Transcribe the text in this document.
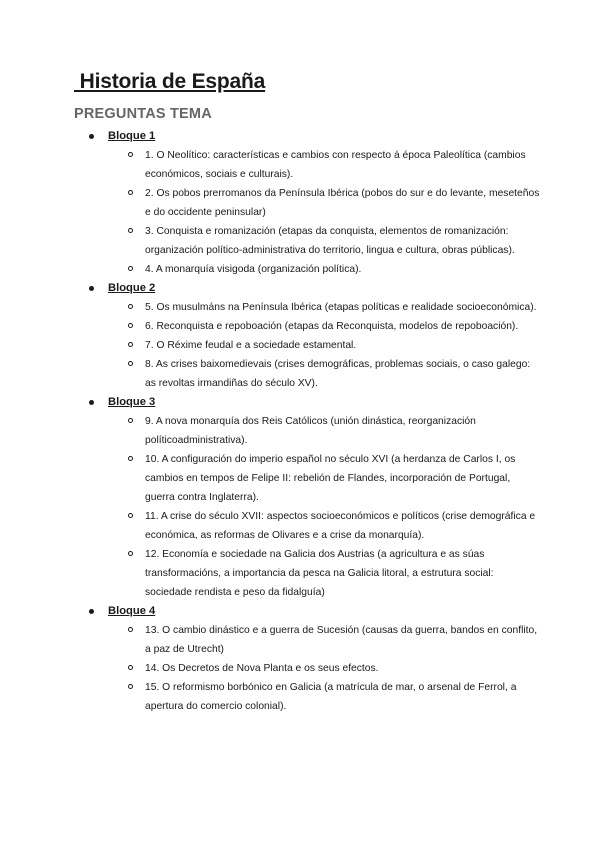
Historia de España
PREGUNTAS TEMA
Bloque 1
1. O Neolítico: características e cambios con respecto á época Paleolítica (cambios económicos, sociais e culturais).
2. Os pobos prerromanos da Península Ibérica (pobos do sur e do levante, meseteños e do occidente peninsular)
3. Conquista e romanización (etapas da conquista, elementos de romanización: organización político-administrativa do territorio, lingua e cultura, obras públicas).
4. A monarquía visigoda (organización política).
Bloque 2
5. Os musulmáns na Península Ibérica (etapas políticas e realidade socioeconómica).
6. Reconquista e repoboación (etapas da Reconquista, modelos de repoboación).
7. O Réxime feudal e a sociedade estamental.
8. As crises baixomedievais (crises demográficas, problemas sociais, o caso galego: as revoltas irmandiñas do século XV).
Bloque 3
9. A nova monarquía dos Reis Católicos (unión dinástica, reorganización políticoadministrativa).
10. A configuración do imperio español no século XVI (a herdanza de Carlos I, os cambios en tempos de Felipe II: rebelión de Flandes, incorporación de Portugal, guerra contra Inglaterra).
11. A crise do século XVII: aspectos socioeconómicos e políticos (crise demográfica e económica, as reformas de Olivares e a crise da monarquía).
12. Economía e sociedade na Galicia dos Austrias (a agricultura e as súas transformacións, a importancia da pesca na Galicia litoral, a estrutura social: sociedade rendista e peso da fidalguía)
Bloque 4
13. O cambio dinástico e a guerra de Sucesión (causas da guerra, bandos en conflito, a paz de Utrecht)
14. Os Decretos de Nova Planta e os seus efectos.
15. O reformismo borbónico en Galicia (a matrícula de mar, o arsenal de Ferrol, a apertura do comercio colonial).
